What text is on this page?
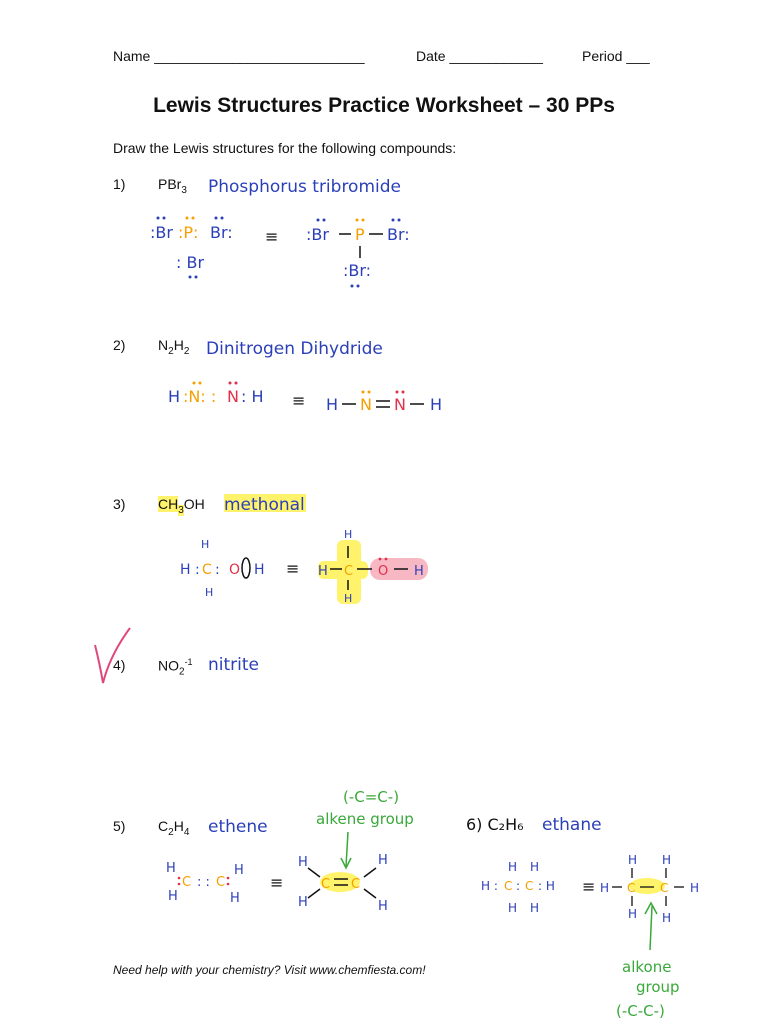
Name ___________________________	Date ____________	Period ___
Lewis Structures Practice Worksheet – 30 PPs
Draw the Lewis structures for the following compounds:
1) PBr$_3$
2) $N_2H_2$
3) $CH_3OH$
4) $NO_2^{-1}$
5) $C_2H_4$
Need help with your chemistry? Visit www.chemfiesta.com!
Phosphorus tribromide
:Br :P: Br:
: Br
≡ :Br P Br:
:Br:
Dinitrogen Dihydride
H :N: : N : H ≡ H N N H
methonal
H
H : C : O H
H
≡
H
H C O H
H
nitrite
ethene
(-C=C-)
alkene group
H
H
C : : C
H
H
≡
H
H
C C
H
H
6) C₂H₆ ethane
H H
H : C : C : H
H H
≡
H H
H C C H
H H
alkone
group
(-C-C-)
